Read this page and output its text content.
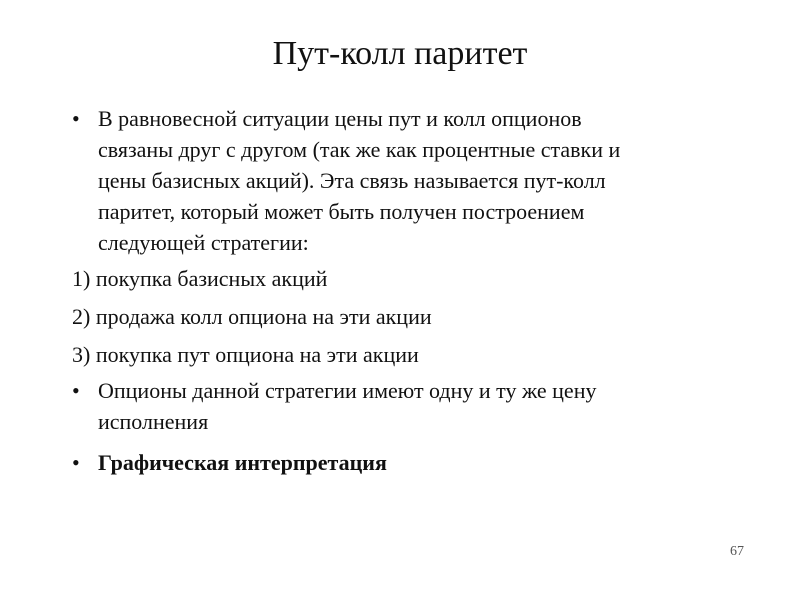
Пут-колл паритет
• В равновесной ситуации цены пут и колл опционов
связаны друг с другом (так же как процентные ставки и
цены базисных акций). Эта связь называется пут-колл
паритет, который может быть получен построением
следующей стратегии:
1) покупка базисных акций
2) продажа колл опциона на эти акции
3) покупка пут опциона на эти акции
• Опционы данной стратегии имеют одну и ту же цену
исполнения
• Графическая интерпретация
67
